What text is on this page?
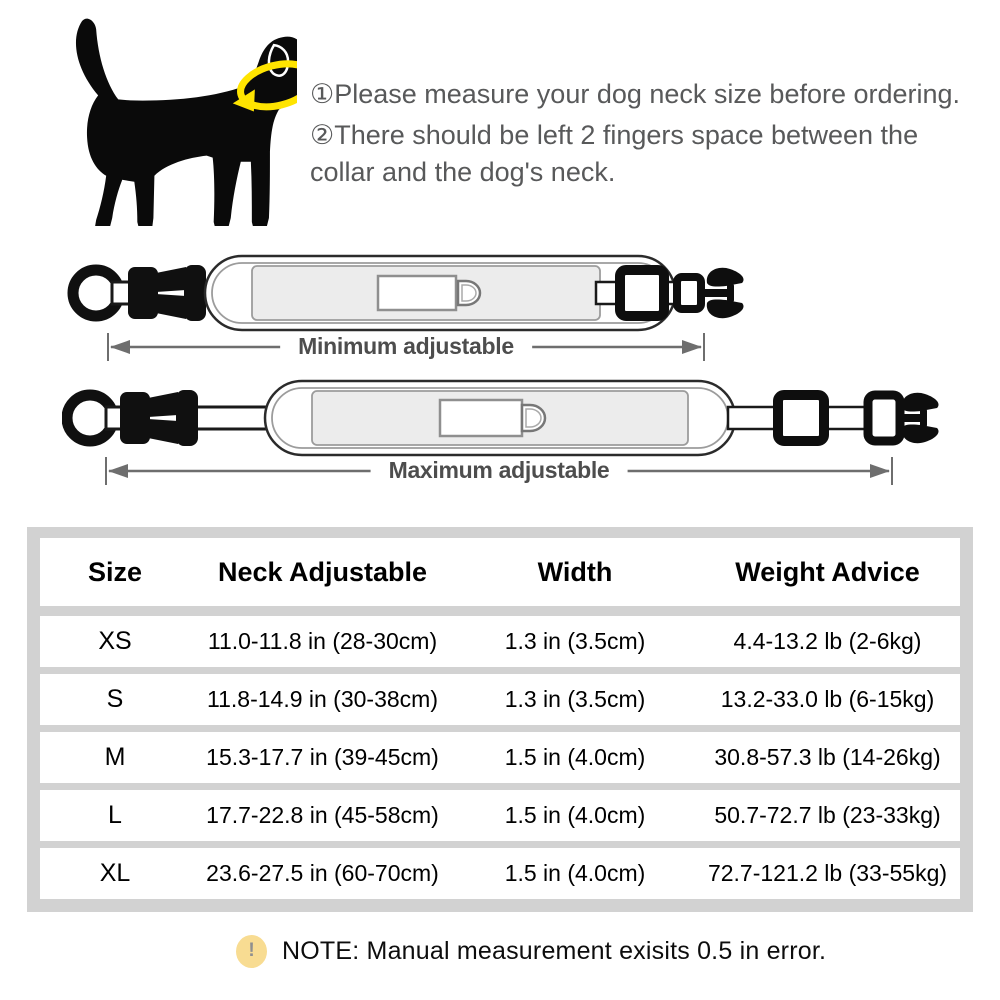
①Please measure your dog neck size before ordering.
②There should be left 2 fingers space between the collar and the dog's neck.
Minimum adjustable
Maximum adjustable
Size	Neck Adjustable	Width	Weight Advice
XS	11.0-11.8 in (28-30cm)	1.3 in (3.5cm)	4.4-13.2 lb (2-6kg)
S	11.8-14.9 in (30-38cm)	1.3 in (3.5cm)	13.2-33.0 lb (6-15kg)
M	15.3-17.7 in (39-45cm)	1.5 in (4.0cm)	30.8-57.3 lb (14-26kg)
L	17.7-22.8 in (45-58cm)	1.5 in (4.0cm)	50.7-72.7 lb (23-33kg)
XL	23.6-27.5 in (60-70cm)	1.5 in (4.0cm)	72.7-121.2 lb (33-55kg)
!	NOTE: Manual measurement exisits 0.5 in error.
